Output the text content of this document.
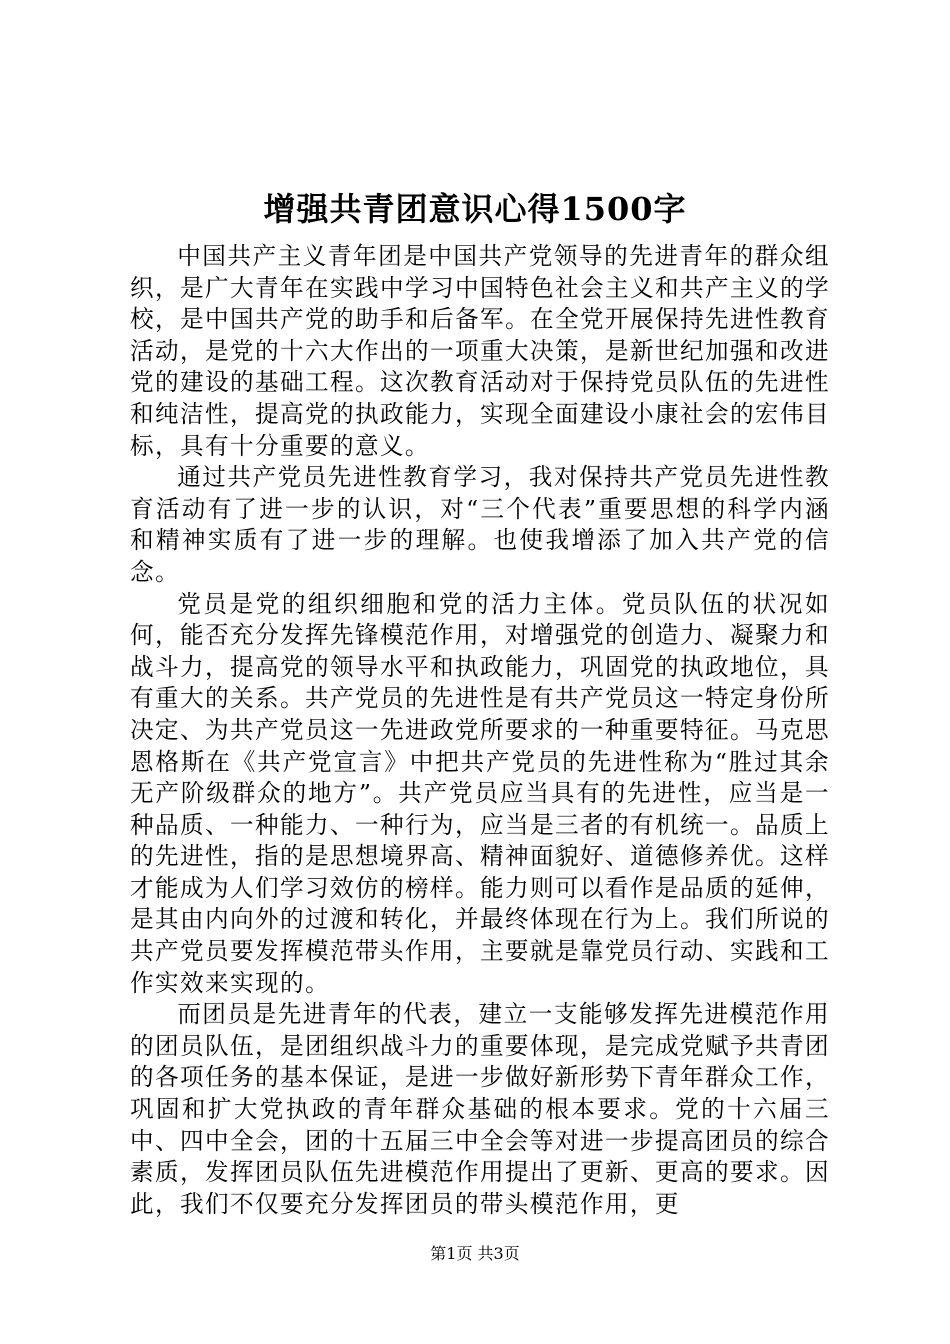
增强共青团意识心得1500字

中国共产主义青年团是中国共产党领导的先进青年的群众组织，是广大青年在实践中学习中国特色社会主义和共产主义的学校，是中国共产党的助手和后备军。在全党开展保持先进性教育活动，是党的十六大作出的一项重大决策，是新世纪加强和改进党的建设的基础工程。这次教育活动对于保持党员队伍的先进性和纯洁性，提高党的执政能力，实现全面建设小康社会的宏伟目标，具有十分重要的意义。

通过共产党员先进性教育学习，我对保持共产党员先进性教育活动有了进一步的认识，对“三个代表”重要思想的科学内涵和精神实质有了进一步的理解。也使我增添了加入共产党的信念。

党员是党的组织细胞和党的活力主体。党员队伍的状况如何，能否充分发挥先锋模范作用，对增强党的创造力、凝聚力和战斗力，提高党的领导水平和执政能力，巩固党的执政地位，具有重大的关系。共产党员的先进性是有共产党员这一特定身份所决定、为共产党员这一先进政党所要求的一种重要特征。马克思恩格斯在《共产党宣言》中把共产党员的先进性称为“胜过其余无产阶级群众的地方”。共产党员应当具有的先进性，应当是一种品质、一种能力、一种行为，应当是三者的有机统一。品质上的先进性，指的是思想境界高、精神面貌好、道德修养优。这样才能成为人们学习效仿的榜样。能力则可以看作是品质的延伸，是其由内向外的过渡和转化，并最终体现在行为上。我们所说的共产党员要发挥模范带头作用，主要就是靠党员行动、实践和工作实效来实现的。

而团员是先进青年的代表，建立一支能够发挥先进模范作用的团员队伍，是团组织战斗力的重要体现，是完成党赋予共青团的各项任务的基本保证，是进一步做好新形势下青年群众工作，巩固和扩大党执政的青年群众基础的根本要求。党的十六届三中、四中全会，团的十五届三中全会等对进一步提高团员的综合素质，发挥团员队伍先进模范作用提出了更新、更高的要求。因此，我们不仅要充分发挥团员的带头模范作用，更

第1页 共3页
